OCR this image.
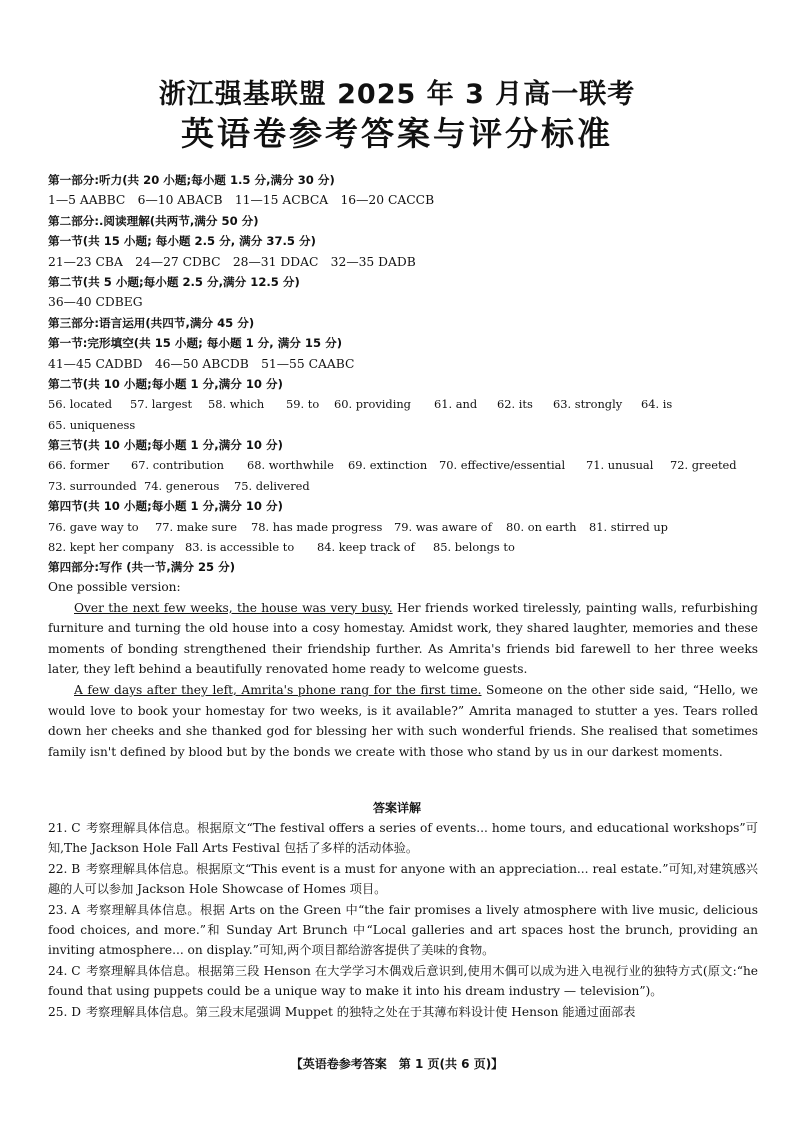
浙江强基联盟 2025 年 3 月高一联考
英语卷参考答案与评分标准
第一部分:听力(共 20 小题;每小题 1.5 分,满分 30 分)
1—5 AABBC　6—10 ABACB　11—15 ACBCA　16—20 CACCB
第二部分:.阅读理解(共两节,满分 50 分)
第一节(共 15 小题; 每小题 2.5 分, 满分 37.5 分)
21—23 CBA　24—27 CDBC　28—31 DDAC　32—35 DADB
第二节(共 5 小题;每小题 2.5 分,满分 12.5 分)
36—40 CDBEG
第三部分:语言运用(共四节,满分 45 分)
第一节:完形填空(共 15 小题; 每小题 1 分, 满分 15 分)
41—45 CADBD　46—50 ABCDB　51—55 CAABC
第二节(共 10 小题;每小题 1 分,满分 10 分)
56. located 57. largest 58. which 59. to 60. providing 61. and 62. its 63. strongly 64. is
65. uniqueness
第三节(共 10 小题;每小题 1 分,满分 10 分)
66. former 67. contribution 68. worthwhile 69. extinction 70. effective/essential 71. unusual 72. greeted
73. surrounded 74. generous 75. delivered
第四节(共 10 小题;每小题 1 分,满分 10 分)
76. gave way to 77. make sure 78. has made progress 79. was aware of 80. on earth 81. stirred up
82. kept her company 83. is accessible to 84. keep track of 85. belongs to
第四部分:写作 (共一节,满分 25 分)

One possible version:

Over the next few weeks, the house was very busy. Her friends worked tirelessly, painting walls, refurbishing furniture and turning the old house into a cosy homestay. Amidst work, they shared laughter, memories and these moments of bonding strengthened their friendship further. As Amrita's friends bid farewell to her three weeks later, they left behind a beautifully renovated home ready to welcome guests.

A few days after they left, Amrita's phone rang for the first time. Someone on the other side said, “Hello, we would love to book your homestay for two weeks, is it available?” Amrita managed to stutter a yes. Tears rolled down her cheeks and she thanked god for blessing her with such wonderful friends. She realised that sometimes family isn't defined by blood but by the bonds we create with those who stand by us in our darkest moments.

答案详解
21. C 考察理解具体信息。根据原文“The festival offers a series of events... home tours, and educational workshops”可知,The Jackson Hole Fall Arts Festival 包括了多样的活动体验。
22. B 考察理解具体信息。根据原文“This event is a must for anyone with an appreciation... real estate.”可知,对建筑感兴趣的人可以参加 Jackson Hole Showcase of Homes 项目。
23. A 考察理解具体信息。根据 Arts on the Green 中“the fair promises a lively atmosphere with live music, delicious food choices, and more.”和 Sunday Art Brunch 中“Local galleries and art spaces host the brunch, providing an inviting atmosphere... on display.”可知,两个项目都给游客提供了美味的食物。
24. C 考察理解具体信息。根据第三段 Henson 在大学学习木偶戏后意识到,使用木偶可以成为进入电视行业的独特方式(原文:“he found that using puppets could be a unique way to make it into his dream industry — television”)。
25. D 考察理解具体信息。第三段末尾强调 Muppet 的独特之处在于其薄布料设计使 Henson 能通过面部表
【英语卷参考答案　第 1 页(共 6 页)】
